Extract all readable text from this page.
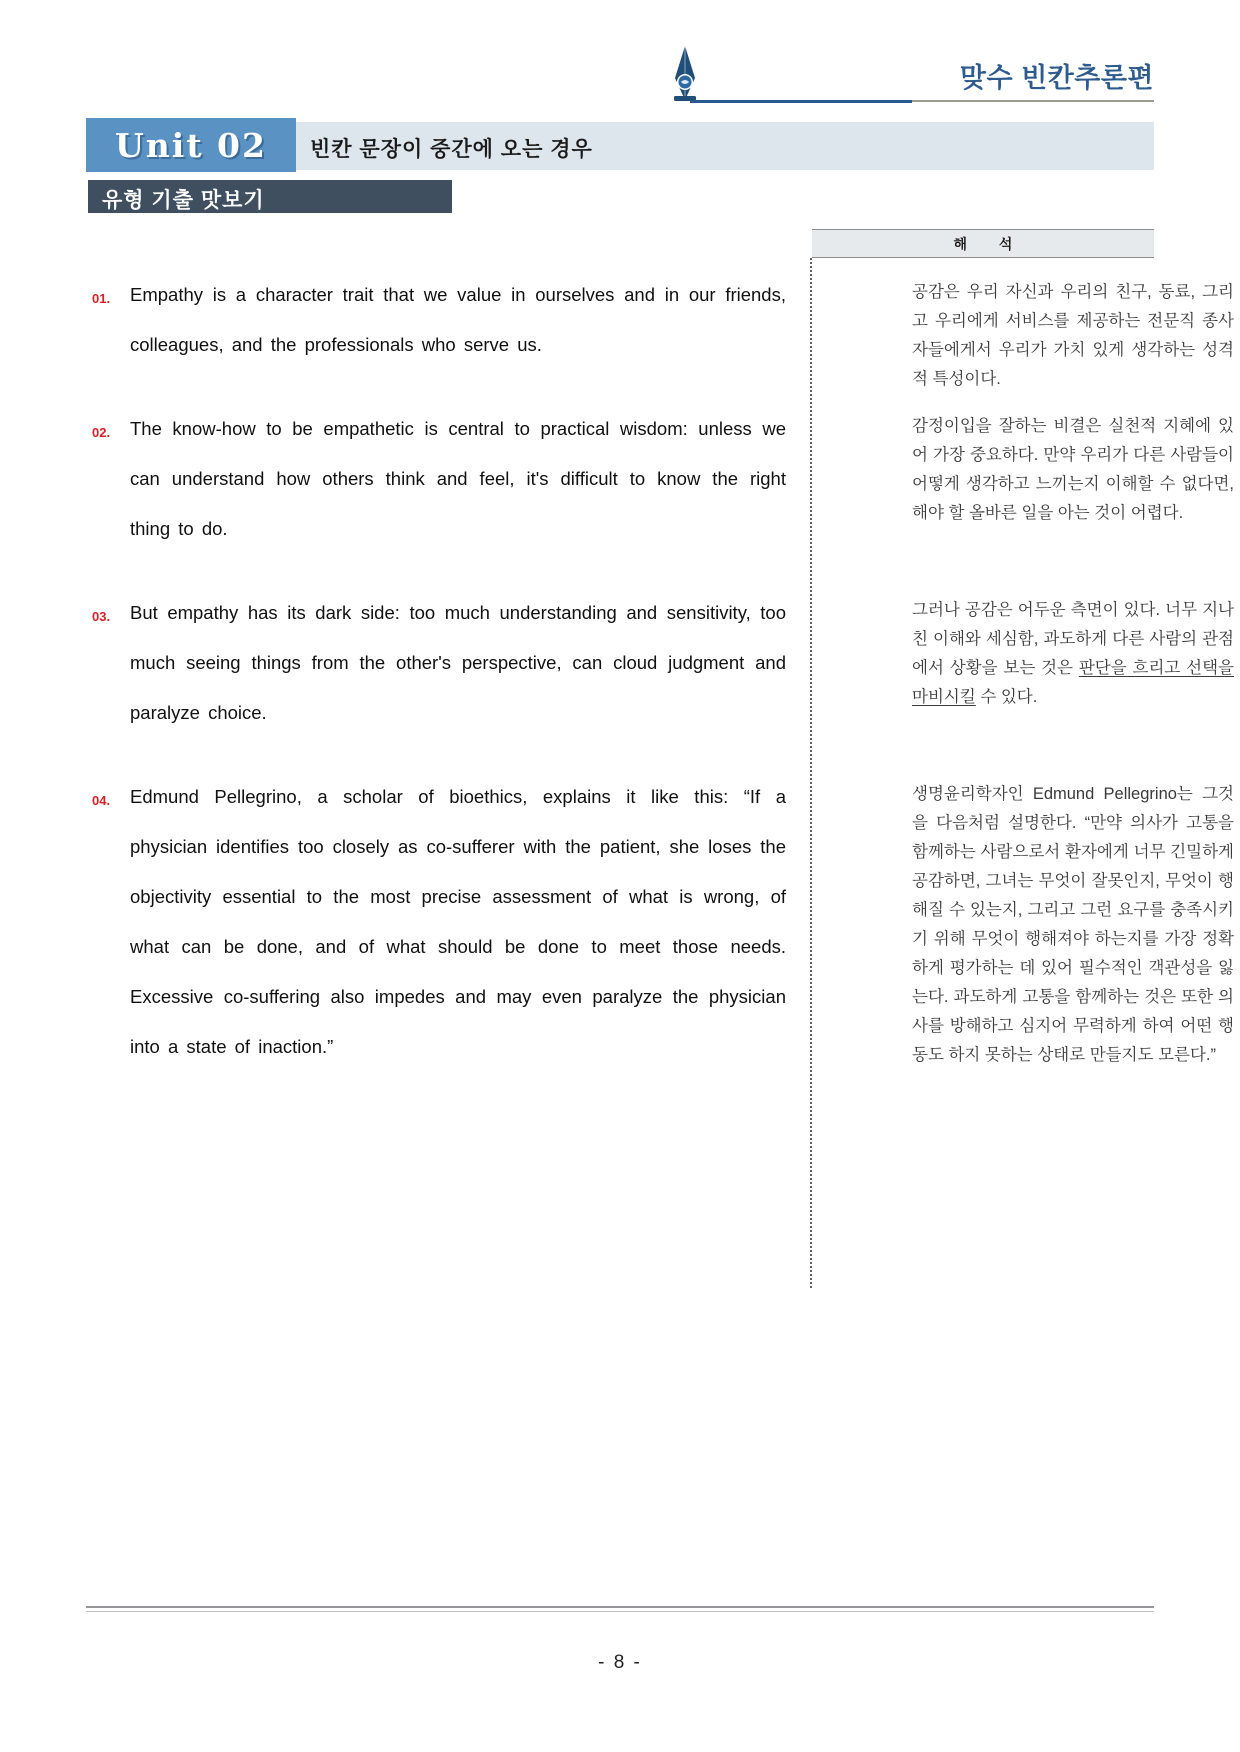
맞수 빈칸추론편
Unit 02	빈칸 문장이 중간에 오는 경우
유형 기출 맛보기
해 석
01. Empathy is a character trait that we value in ourselves and in our friends, colleagues, and the professionals who serve us.
공감은 우리 자신과 우리의 친구, 동료, 그리고 우리에게 서비스를 제공하는 전문직 종사자들에게서 우리가 가치 있게 생각하는 성격적 특성이다.
02. The know-how to be empathetic is central to practical wisdom: unless we can understand how others think and feel, it's difficult to know the right thing to do.
감정이입을 잘하는 비결은 실천적 지혜에 있어 가장 중요하다. 만약 우리가 다른 사람들이 어떻게 생각하고 느끼는지 이해할 수 없다면, 해야 할 올바른 일을 아는 것이 어렵다.
03. But empathy has its dark side: too much understanding and sensitivity, too much seeing things from the other's perspective, can cloud judgment and paralyze choice.
그러나 공감은 어두운 측면이 있다. 너무 지나친 이해와 세심함, 과도하게 다른 사람의 관점에서 상황을 보는 것은 판단을 흐리고 선택을 마비시킬 수 있다.
04. Edmund Pellegrino, a scholar of bioethics, explains it like this: “If a physician identifies too closely as co-sufferer with the patient, she loses the objectivity essential to the most precise assessment of what is wrong, of what can be done, and of what should be done to meet those needs. Excessive co-suffering also impedes and may even paralyze the physician into a state of inaction.”
생명윤리학자인 Edmund Pellegrino는 그것을 다음처럼 설명한다. “만약 의사가 고통을 함께하는 사람으로서 환자에게 너무 긴밀하게 공감하면, 그녀는 무엇이 잘못인지, 무엇이 행해질 수 있는지, 그리고 그런 요구를 충족시키기 위해 무엇이 행해져야 하는지를 가장 정확하게 평가하는 데 있어 필수적인 객관성을 잃는다. 과도하게 고통을 함께하는 것은 또한 의사를 방해하고 심지어 무력하게 하여 어떤 행동도 하지 못하는 상태로 만들지도 모른다.”
- 8 -
